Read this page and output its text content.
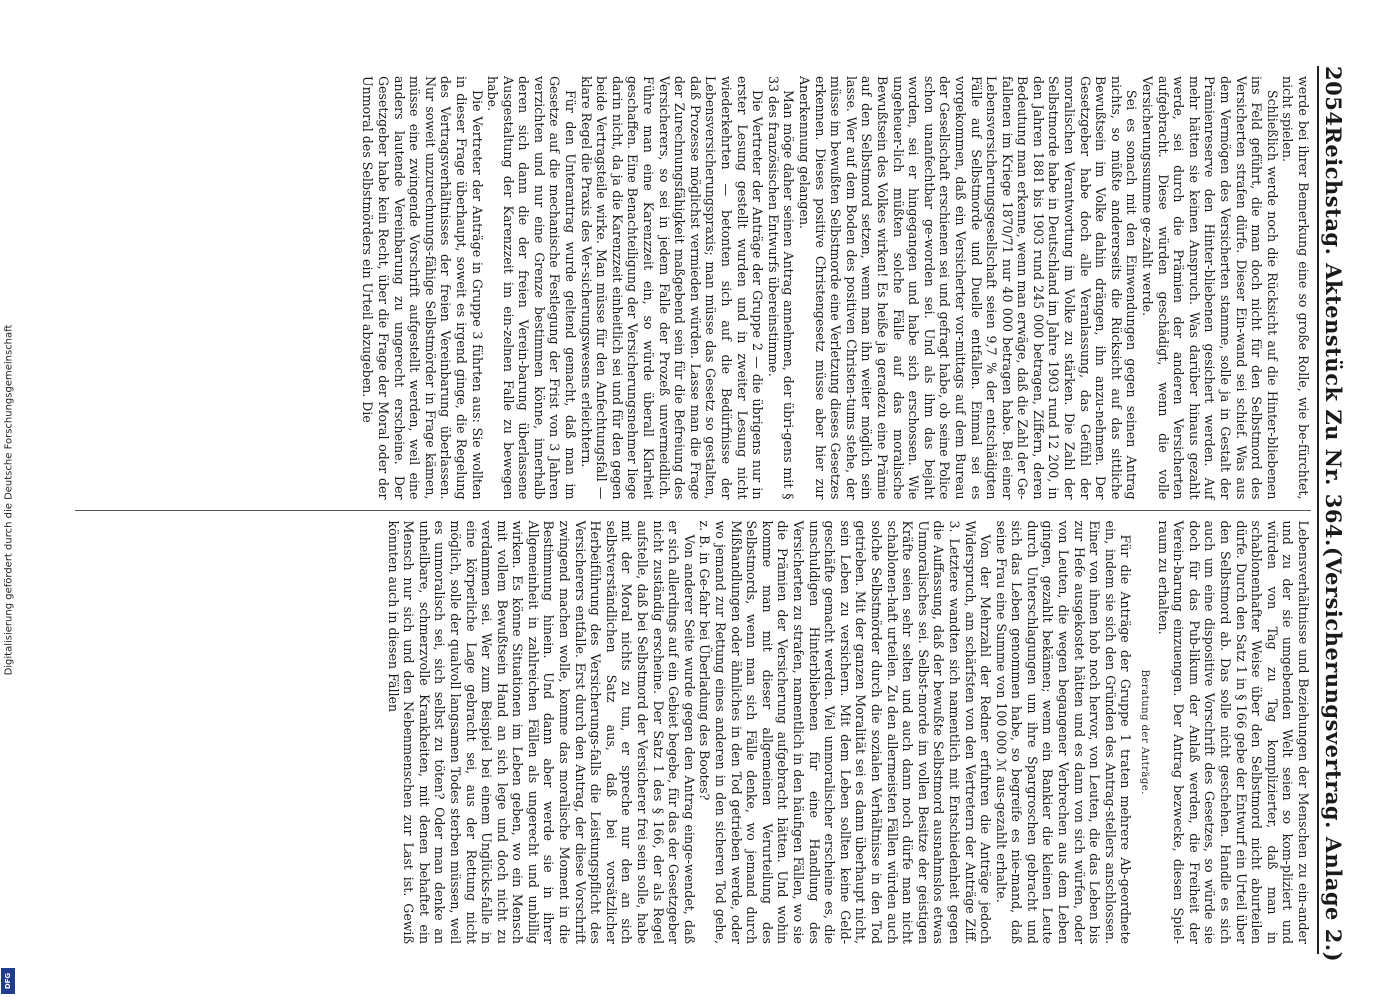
Digitalisierung gefördert durch die Deutsche Forschungsgemeinschaft
DFG
2054
Reichstag. Aktenstück Zu Nr. 364.
(Versicherungsvertrag. Anlage 2.)

werde bei ihrer Bemerkung eine so große Rolle, wie be-fürchtet, nicht spielen.

Schließlich werde noch die Rücksicht auf die Hinter-bliebenen ins Feld geführt, die man doch nicht für den Selbstmord des Versicherten strafen dürfe. Dieser Ein-wand sei schief. Was aus dem Vermögen des Versicherten stamme, solle ja in Gestalt der Prämienreserve den Hinter-bliebenen gesichert werden. Auf mehr hätten sie keinen Anspruch. Was darüber hinaus gezahlt werde, sei durch die Prämien der anderen Versicherten aufgebracht. Diese würden geschädigt, wenn die volle Versicherungssumme ge-zahlt werde.

Sei es sonach mit den Einwendungen gegen seinen Antrag nichts, so müßte andererseits die Rücksicht auf das sittliche Bewußtsein im Volke dahin drängen, ihn anzu-nehmen. Der Gesetzgeber habe doch alle Veranlassung, das Gefühl der moralischen Verantwortung im Volke zu stärken. Die Zahl der Selbstmorde habe in Deutschland im Jahre 1903 rund 12 200, in den Jahren 1881 bis 1903 rund 245 000 betragen, Ziffern, deren Bedeutung man erkenne, wenn man erwäge, daß die Zahl der Ge-fallenen im Kriege 1870/71 nur 40 000 betragen habe. Bei einer Lebensversicherungsgesellschaft seien 9,7 % der entschädigten Fälle auf Selbstmorde und Duelle entfallen. Einmal sei es vorgekommen, daß ein Versicherter vor-mittags auf dem Bureau der Gesellschaft erschienen sei und gefragt habe, ob seine Police schon unanfechtbar ge-worden sei. Und als ihm das bejaht worden, sei er hingegangen und habe sich erschossen. Wie ungeheuer-lich müßten solche Fälle auf das moralische Bewußtsein des Volkes wirken! Es heiße ja geradezu eine Prämie auf den Selbstmord setzen, wenn man ihn weiter möglich sein lasse. Wer auf dem Boden des positiven Christen-tums stehe, der müsse im bewußten Selbstmorde eine Verletzung dieses Gesetzes erkennen. Dieses positive Christengesetz müsse aber hier zur Anerkennung gelangen.

Man möge daher seinen Antrag annehmen, der übri-gens mit § 33 des französischen Entwurfs übereinstimme.

Die Vertreter der Anträge der Gruppe 2 — die übrigens nur in erster Lesung gestellt wurden und in zweiter Lesung nicht wiederkehrten — betonten sich auf die Bedürfnisse der Lebensversicherungspraxis; man müsse das Gesetz so gestalten, daß Prozesse möglichst vermieden würden. Lasse man die Frage der Zurechnungsfähigkeit maßgebend sein für die Befreiung des Versicherers, so sei in jedem Falle der Prozeß unvermeidlich. Führe man eine Karenzzeit ein, so würde überall Klarheit geschaffen. Eine Benachteiligung der Versicherungsnehmer liege darin nicht, da ja die Karenzzeit einheitlich sei und für den gegen beide Vertragsteile wirke. Man müsse für den Anfechtungsfall — klare Regel die Praxis des Ver-sicherungswesens erleichtern.

Für den Unterantrag wurde geltend gemacht, daß man im Gesetze auf die mechanische Festlegung der Frist von 3 Jahren verzichten und nur eine Grenze bestimmen könne, innerhalb deren sich dann die der freien Verein-barung überlassene Ausgestaltung der Karenzzeit im ein-zelnen Falle zu bewegen habe.

Die Vertreter der Anträge in Gruppe 3 führten aus: Sie wollten in dieser Frage überhaupt, soweit es irgend ginge, die Regelung des Vertragsverhältnisses der freien Vereinbarung überlassen. Nur soweit unzurechnungs-fähige Selbstmörder in Frage kämen, müsse eine zwingende Vorschrift aufgestellt werden, weil eine anders lautende Vereinbarung zu ungerecht erscheine. Der Gesetzgeber habe kein Recht, über die Frage der Moral oder der Unmoral des Selbstmörders ein Urteil abzugeben. Die

Lebensverhältnisse und Beziehungen der Menschen zu ein-ander und zu der sie umgebenden Welt seien so kom-pliziert und würden von Tag zu Tag komplizierter, daß man in schablonenhafter Weise über den Selbstmord nicht aburteilen dürfe. Durch den Satz 1 in § 166 gebe der Entwurf ein Urteil über den Selbstmord ab. Das solle nicht geschehen. Handle es sich auch um eine dispositive Vorschrift des Gesetzes, so würde sie doch für das Pub-likum der Anlaß werden, die Freiheit der Verein-barung einzuengen. Der Antrag bezwecke, diesen Spiel-raum zu erhalten.

Beratung der Anträge.

Für die Anträge der Gruppe 1 traten mehrere Ab-geordnete ein, indem sie sich den Gründen des Antrag-stellers anschlossen. Einer von ihnen hob noch hervor, von Leuten, die das Leben bis zur Hefe ausgekostet hätten und es dann von sich würfen, oder von Leuten, die wegen begangener Verbrechen aus dem Leben gingen, gezahlt bekämen; wenn ein Bankier die kleinen Leute durch Unterschlagungen um ihre Spargroschen gebracht und sich das Leben genommen habe, so begreife es nie-mand, daß seine Frau eine Summe von 100 000 ℳ aus-gezahlt erhalte.

Von der Mehrzahl der Redner erfuhren die Anträge jedoch Widerspruch, am schärfsten von den Vertretern der Anträge Ziff. 3. Letztere wandten sich namentlich mit Entschiedenheit gegen die Auffassung, daß der bewußte Selbstmord ausnahmslos etwas Unmoralisches sei. Selbst-morde im vollen Besitze der geistigen Kräfte seien sehr selten und auch dann noch dürfe man nicht schablonen-haft urteilen. Zu den allermeisten Fällen würden auch solche Selbstmörder durch die sozialen Verhältnisse in den Tod getrieben. Mit der ganzen Moralität sei es dann überhaupt nicht, sein Leben zu versichern. Mit dem Leben sollten keine Geld-geschäfte gemacht werden. Viel unmoralischer erscheine es, die unschuldigen Hinterbliebenen für eine Handlung des Versicherten zu strafen, namentlich in den häufigen Fällen, wo sie die Prämien der Versicherung aufgebracht hätten. Und wohin komme man mit dieser allgemeinen Verurteilung des Selbstmords, wenn man sich Fälle denke, wo jemand durch Mißhandlungen oder ähnliches in den Tod getrieben werde, oder wo jemand zur Rettung eines anderen in den sicheren Tod gehe, z. B. in Ge-fahr bei Überladung des Bootes?

Von anderer Seite wurde gegen den Antrag einge-wendet, daß er sich allerdings auf ein Gebiet begebe, für das der Gesetzgeber nicht zuständig erscheine. Der Satz 1 des § 166, der als Regel aufstelle, daß bei Selbstmord der Versicherer frei sein solle, habe mit der Moral nichts zu tun, er spreche nur den an sich selbstverständlichen Satz aus, daß bei vorsätzlicher Herbeiführung des Versicherungs-falls die Leistungspflicht des Versicherers entfalle. Erst durch den Antrag, der diese Vorschrift zwingend machen wolle, komme das moralische Moment in die Bestimmung hinein. Und dann aber werde sie in ihrer Allgemeinheit in zahlreichen Fällen als ungerecht und unbillig wirken. Es könne Situationen im Leben geben, wo ein Mensch mit vollem Bewußtsein Hand an sich lege und doch nicht zu verdammen sei. Wer zum Beispiel bei einem Unglücks-falle in eine körperliche Lage gebracht sei, aus der Rettung nicht möglich, solle der qualvoll langsamen Todes sterben müssen, weil es unmoralisch sei, sich selbst zu töten? Oder man denke an unheilbare, schmerzvolle Krankheiten, mit denen behaftet ein Mensch nur sich und den Nebenmenschen zur Last ist. Gewiß könnten auch in diesen Fällen
